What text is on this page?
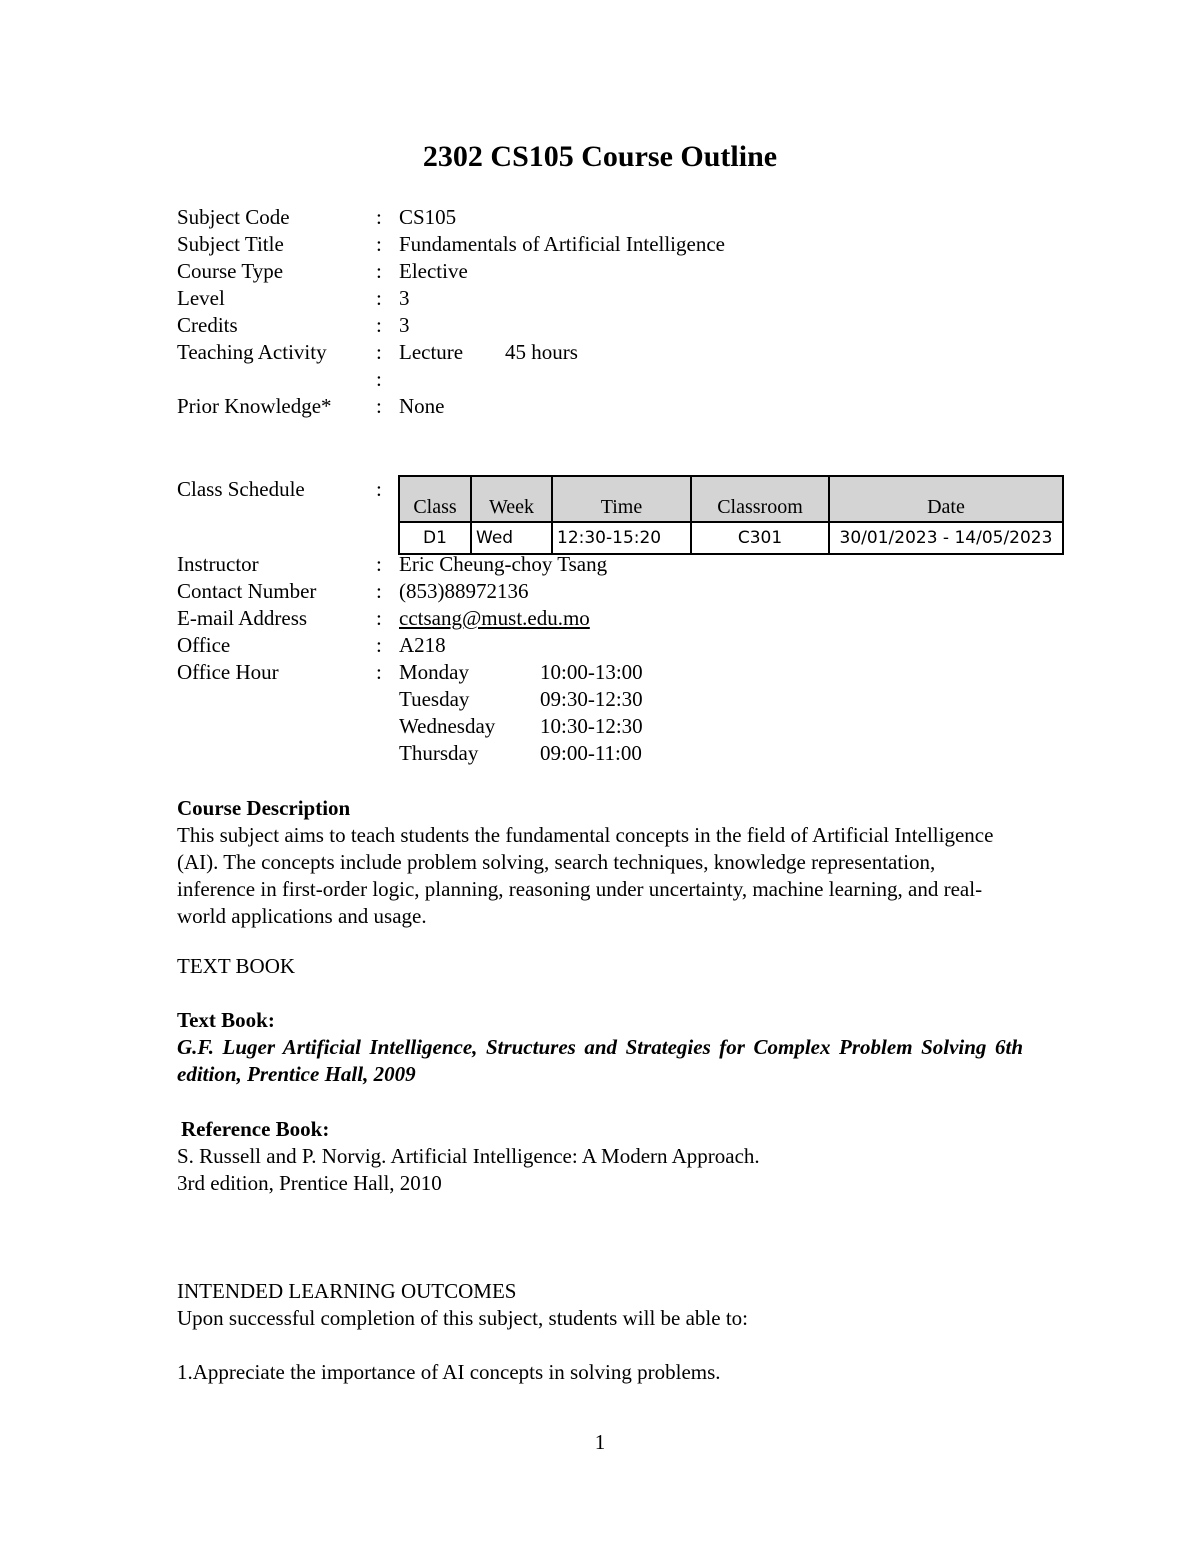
2302 CS105 Course Outline
Subject Code	: CS105
Subject Title	: Fundamentals of Artificial Intelligence
Course Type	: Elective
Level	: 3
Credits	: 3
Teaching Activity : Lecture 45 hours
:
Prior Knowledge* : None
Class Schedule	:
Class	Week	Time	Classroom	Date
D1	Wed	12:30-15:20	C301	30/01/2023 - 14/05/2023
Instructor	: Eric Cheung-choy Tsang
Contact Number	: (853)88972136
E-mail Address	: cctsang@must.edu.mo
Office	: A218
Office Hour	: Monday	10:00-13:00
Tuesday	09:30-12:30
Wednesday 10:30-12:30
Thursday	09:00-11:00
Course Description
This subject aims to teach students the fundamental concepts in the field of Artificial Intelligence (AI). The concepts include problem solving, search techniques, knowledge representation, inference in first-order logic, planning, reasoning under uncertainty, machine learning, and real-world applications and usage.
TEXT BOOK
Text Book:
G.F. Luger Artificial Intelligence, Structures and Strategies for Complex Problem Solving 6th edition, Prentice Hall, 2009
Reference Book:
S. Russell and P. Norvig. Artificial Intelligence: A Modern Approach.
3rd edition, Prentice Hall, 2010
INTENDED LEARNING OUTCOMES
Upon successful completion of this subject, students will be able to:
1.Appreciate the importance of AI concepts in solving problems.
1
